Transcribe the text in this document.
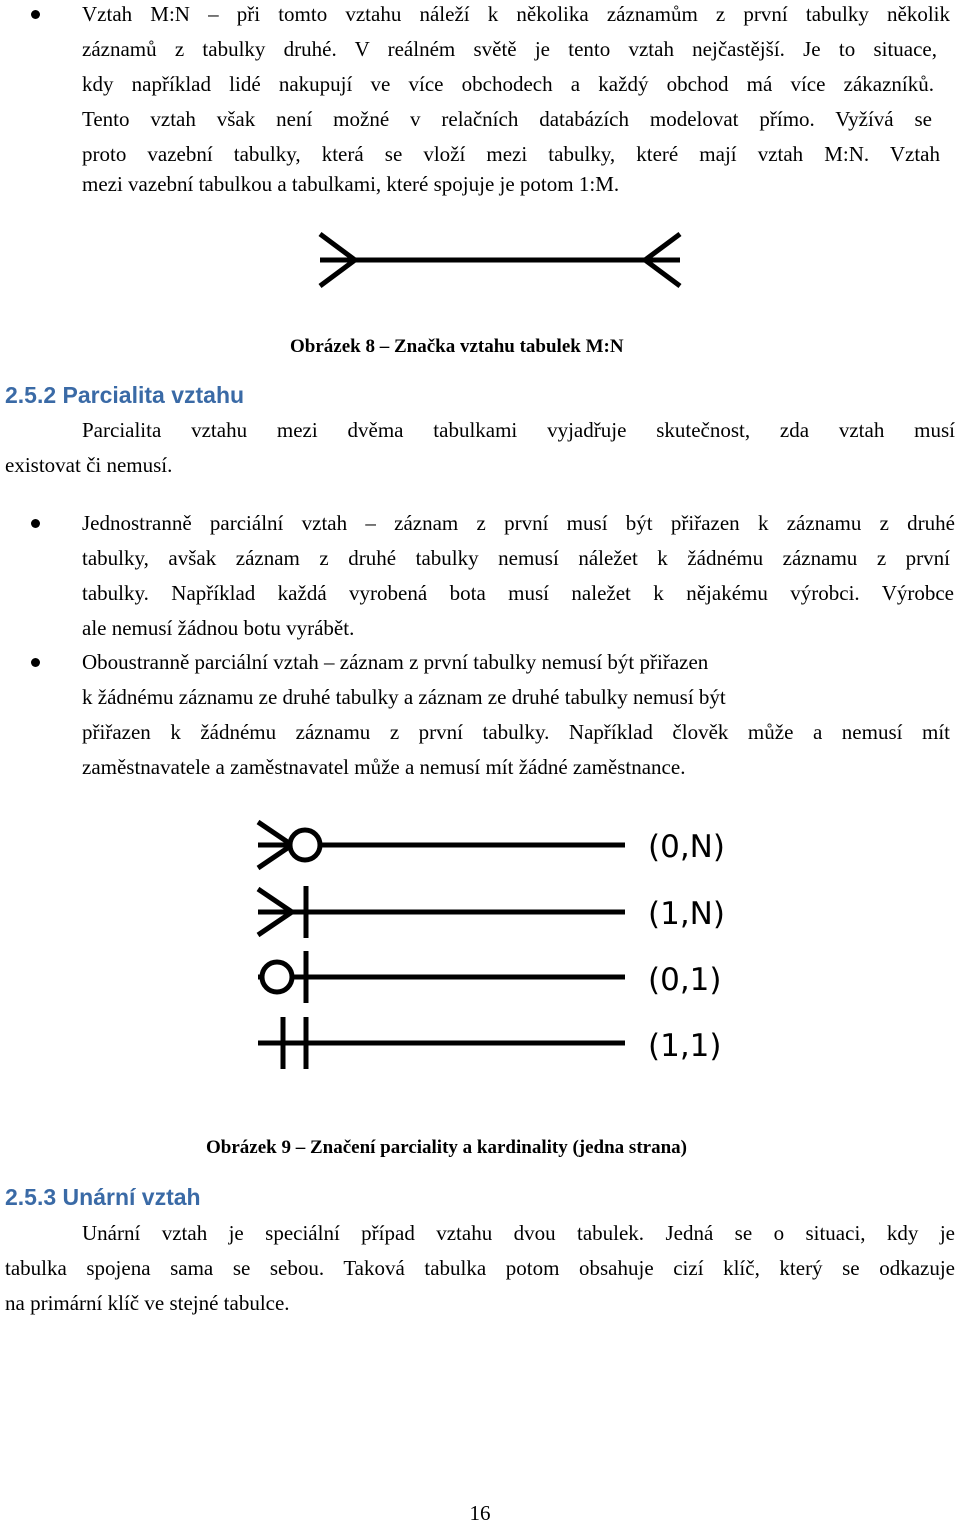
Vztah M:N – při tomto vztahu náleží k několika záznamům z první tabulky několik

záznamů z tabulky druhé. V reálném světě je tento vztah nejčastější. Je to situace,

kdy například lidé nakupují ve více obchodech a každý obchod má více zákazníků.

Tento vztah však není možné v relačních databázích modelovat přímo. Vyžívá se

proto vazební tabulky, která se vloží mezi tabulky, které mají vztah M:N. Vztah

mezi vazební tabulkou a tabulkami, které spojuje je potom 1:M.

Obrázek 8 – Značka vztahu tabulek M:N

2.5.2 Parcialita vztahu

Parcialita vztahu mezi dvěma tabulkami vyjadřuje skutečnost, zda vztah musí

existovat či nemusí.

Jednostranně parciální vztah – záznam z první musí být přiřazen k záznamu z druhé

tabulky, avšak záznam z druhé tabulky nemusí náležet k žádnému záznamu z první

tabulky. Například každá vyrobená bota musí naležet k nějakému výrobci. Výrobce

ale nemusí žádnou botu vyrábět.

Oboustranně parciální vztah – záznam z první tabulky nemusí být přiřazen

k žádnému záznamu ze druhé tabulky a záznam ze druhé tabulky nemusí být

přiřazen k žádnému záznamu z první tabulky. Například člověk může a nemusí mít

zaměstnavatele a zaměstnavatel může a nemusí mít žádné zaměstnance.

(0,N)
(1,N)
(0,1)
(1,1)

Obrázek 9 – Značení parciality a kardinality (jedna strana)

2.5.3 Unární vztah

Unární vztah je speciální případ vztahu dvou tabulek. Jedná se o situaci, kdy je

tabulka spojena sama se sebou. Taková tabulka potom obsahuje cizí klíč, který se odkazuje

na primární klíč ve stejné tabulce.

16
